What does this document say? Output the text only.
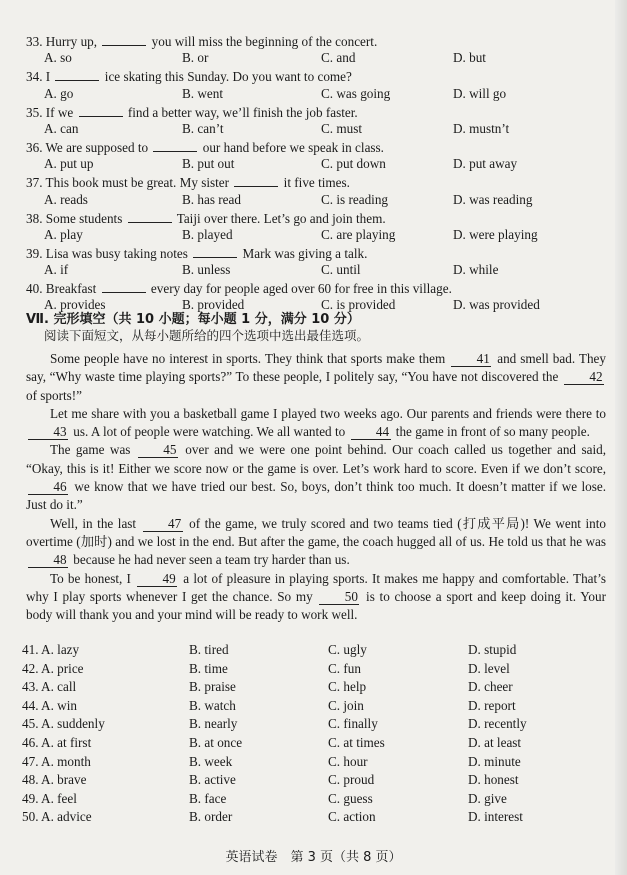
33. Hurry up,	you will miss the beginning of the concert.
A. so	B. or	C. and	D. but
34. I	ice skating this Sunday. Do you want to come?
A. go	B. went	C. was going	D. will go
35. If we	find a better way, we’ll finish the job faster.
A. can	B. can’t	C. must	D. mustn’t
36. We are supposed to	our hand before we speak in class.
A. put up	B. put out	C. put down	D. put away
37. This book must be great. My sister	it five times.
A. reads	B. has read	C. is reading	D. was reading
38. Some students	Taiji over there. Let’s go and join them.
A. play	B. played	C. are playing	D. were playing
39. Lisa was busy taking notes	Mark was giving a talk.
A. if	B. unless	C. until	D. while
40. Breakfast	every day for people aged over 60 for free in this village.
A. provides	B. provided	C. is provided	D. was provided
Ⅶ. 完形填空（共 10 小题；每小题 1 分，满分 10 分）
阅读下面短文，从每小题所给的四个选项中选出最佳选项。

Some people have no interest in sports. They think that sports make them 41 and smell bad. They say, “Why waste time playing sports?” To these people, I politely say, “You have not discovered the 42 of sports!”

Let me share with you a basketball game I played two weeks ago. Our parents and friends were there to 43 us. A lot of people were watching. We all wanted to 44 the game in front of so many people.

The game was 45 over and we were one point behind. Our coach called us together and said, “Okay, this is it! Either we score now or the game is over. Let’s work hard to score. Even if we don’t score, 46 we know that we have tried our best. So, boys, don’t think too much. It doesn’t matter if we lose. Just do it.”

Well, in the last 47 of the game, we truly scored and two teams tied (打成平局)! We went into overtime (加时) and we lost in the end. But after the game, the coach hugged all of us. He told us that he was 48 because he had never seen a team try harder than us.

To be honest, I 49 a lot of pleasure in playing sports. It makes me happy and comfortable. That’s why I play sports whenever I get the chance. So my 50 is to choose a sport and keep doing it. Your body will thank you and your mind will be ready to work well.

41. A. lazy	B. tired	C. ugly	D. stupid
42. A. price	B. time	C. fun	D. level
43. A. call	B. praise	C. help	D. cheer
44. A. win	B. watch	C. join	D. report
45. A. suddenly	B. nearly	C. finally	D. recently
46. A. at first	B. at once	C. at times	D. at least
47. A. month	B. week	C. hour	D. minute
48. A. brave	B. active	C. proud	D. honest
49. A. feel	B. face	C. guess	D. give
50. A. advice	B. order	C. action	D. interest
英语试卷　第 3 页（共 8 页）
